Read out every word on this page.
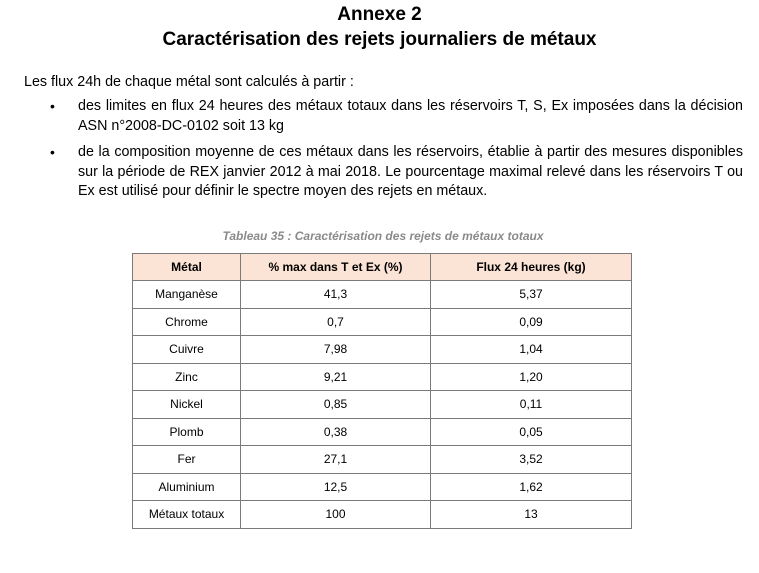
Annexe 2
Caractérisation des rejets journaliers de métaux
Les flux 24h de chaque métal sont calculés à partir :
• des limites en flux 24 heures des métaux totaux dans les réservoirs T, S, Ex imposées dans la décision ASN n°2008-DC-0102 soit 13 kg
• de la composition moyenne de ces métaux dans les réservoirs, établie à partir des mesures disponibles sur la période de REX janvier 2012 à mai 2018. Le pourcentage maximal relevé dans les réservoirs T ou Ex est utilisé pour définir le spectre moyen des rejets en métaux.
Tableau 35 : Caractérisation des rejets de métaux totaux
Métal	% max dans T et Ex (%)	Flux 24 heures (kg)
Manganèse	41,3	5,37
Chrome	0,7	0,09
Cuivre	7,98	1,04
Zinc	9,21	1,20
Nickel	0,85	0,11
Plomb	0,38	0,05
Fer	27,1	3,52
Aluminium	12,5	1,62
Métaux totaux	100	13
